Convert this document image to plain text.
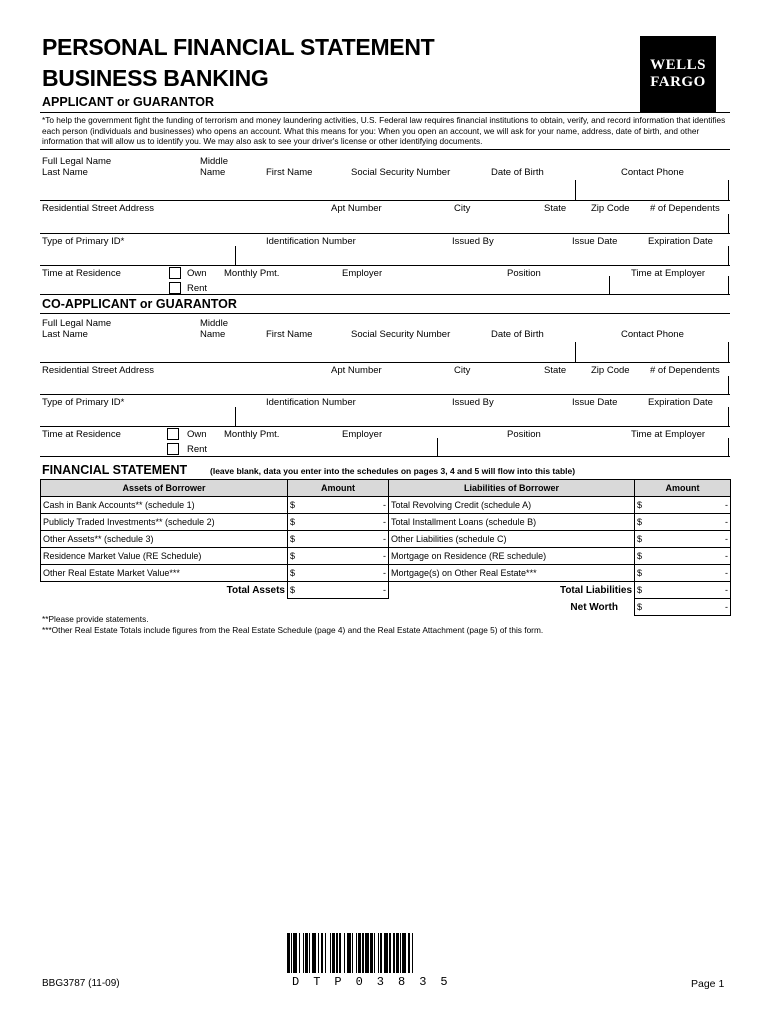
PERSONAL FINANCIAL STATEMENT
BUSINESS BANKING	WELLS
FARGO
APPLICANT or GUARANTOR
*To help the government fight the funding of terrorism and money laundering activities, U.S. Federal law requires financial institutions to obtain, verify, and record information that identifies each person (individuals and businesses) who opens an account. What this means for you: When you open an account, we will ask for your name, address, date of birth, and other information that will allow us to identify you. We may also ask to see your driver's license or other identifying documents.
Full Legal Name
Last Name
Middle
Name	First Name	Social Security Number	Date of Birth	Contact Phone
Residential Street Address	Apt Number	City	State	Zip Code # of Dependents
Type of Primary ID*	Identification Number	Issued By	Issue Date	Expiration Date
Time at Residence	Own
Rent
Monthly Pmt.	Employer	Position	Time at Employer
CO-APPLICANT or GUARANTOR
Full Legal Name
Last Name
Middle
Name	First Name	Social Security Number	Date of Birth	Contact Phone
Residential Street Address	Apt Number	City	State	Zip Code # of Dependents
Type of Primary ID*	Identification Number	Issued By	Issue Date	Expiration Date
Time at Residence	Own
Rent
Monthly Pmt.	Employer	Position	Time at Employer
FINANCIAL STATEMENT	(leave blank, data you enter into the schedules on pages 3, 4 and 5 will flow into this table)
Assets of Borrower	Amount	Liabilities of Borrower	Amount
Cash in Bank Accounts** (schedule 1)	$ -	Total Revolving Credit (schedule A)	$ -

Publicly Traded Investments** (schedule 2)	$ -	Total Installment Loans (schedule B)	$ -

Other Assets** (schedule 3)	$ -	Other Liabilities (schedule C)	$ -

Residence Market Value (RE Schedule)	$ -	Mortgage on Residence (RE schedule)	$ -

Other Real Estate Market Value***	$ -	Mortgage(s) on Other Real Estate***	$ -

Total Assets	$ -	Total Liabilities	$ -

		Net Worth	$ -
**Please provide statements.
***Other Real Estate Totals include figures from the Real Estate Schedule (page 4) and the Real Estate Attachment (page 5) of this form.
BBG3787 (11-09)	DTP03835	Page 1
